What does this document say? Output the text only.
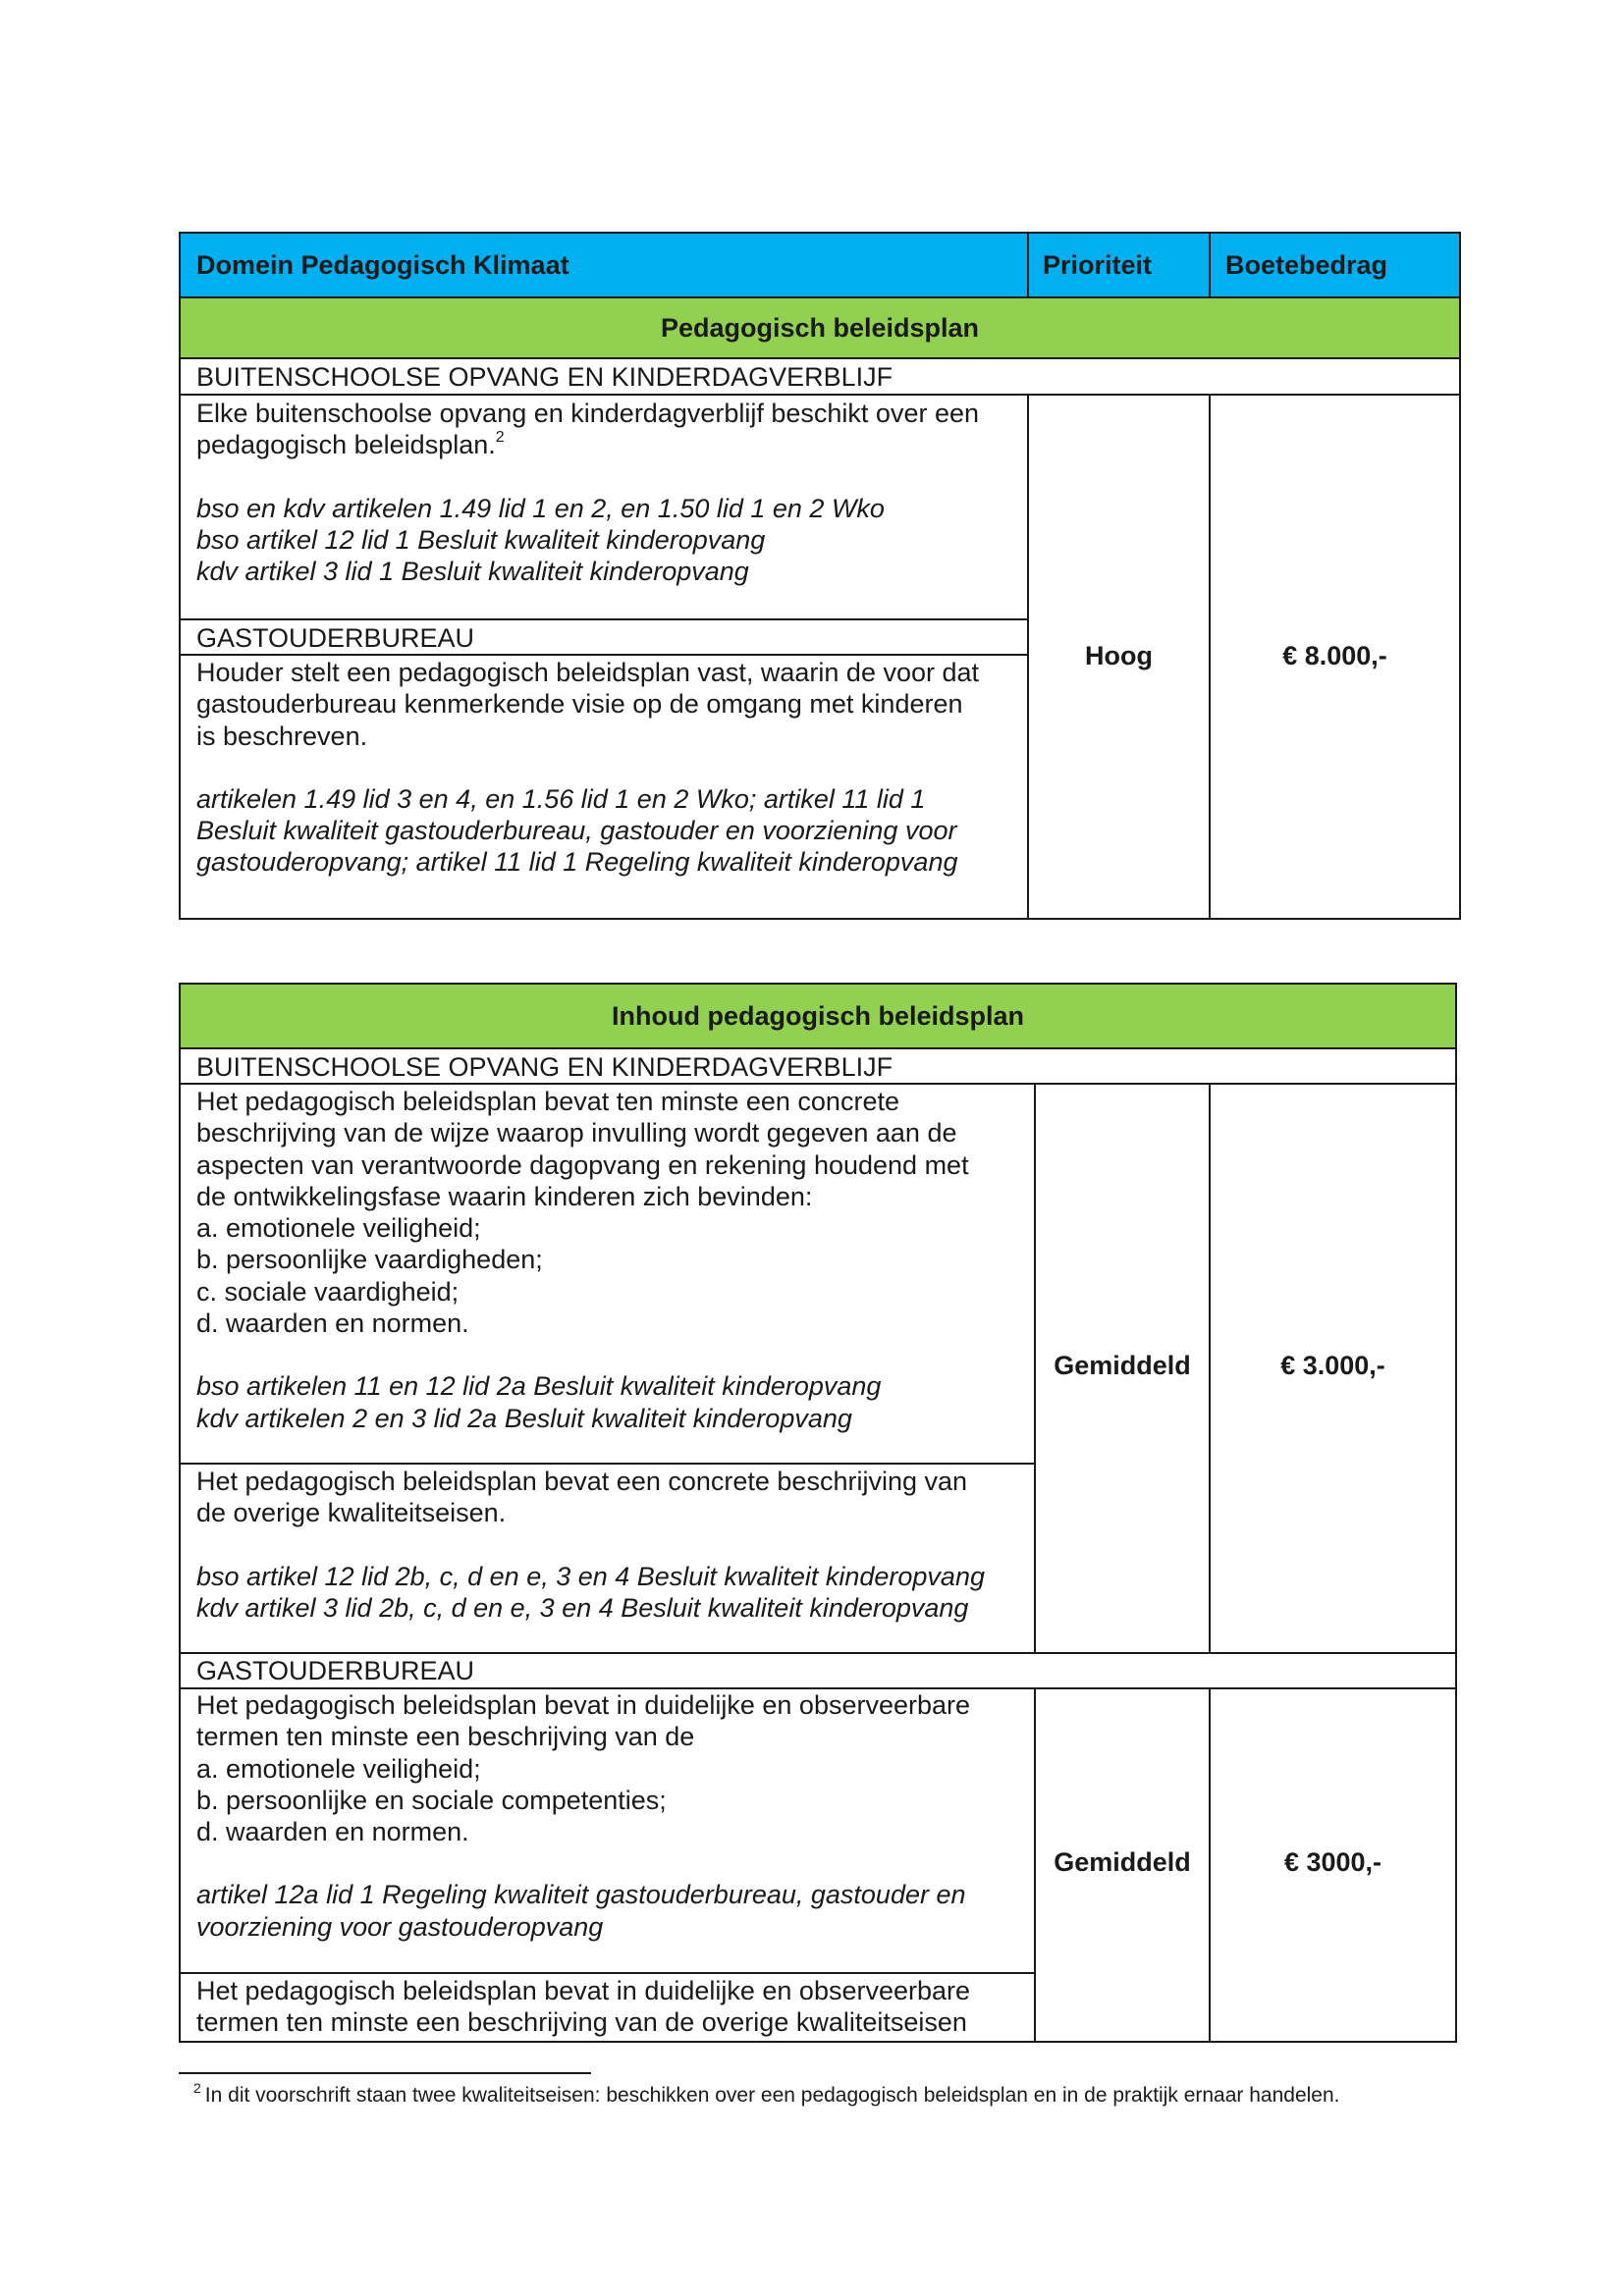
Domein Pedagogisch Klimaat	Prioriteit	Boetebedrag
Pedagogisch beleidsplan
BUITENSCHOOLSE OPVANG EN KINDERDAGVERBLIJF

Elke buitenschoolse opvang en kinderdagverblijf beschikt over een

pedagogisch beleidsplan.$^2$

bso en kdv artikelen 1.49 lid 1 en 2, en 1.50 lid 1 en 2 Wko

bso artikel 12 lid 1 Besluit kwaliteit kinderopvang

kdv artikel 3 lid 1 Besluit kwaliteit kinderopvang

GASTOUDERBUREAU

Houder stelt een pedagogisch beleidsplan vast, waarin de voor dat

gastouderbureau kenmerkende visie op de omgang met kinderen

is beschreven.

artikelen 1.49 lid 3 en 4, en 1.56 lid 1 en 2 Wko; artikel 11 lid 1

Besluit kwaliteit gastouderbureau, gastouder en voorziening voor

gastouderopvang; artikel 11 lid 1 Regeling kwaliteit kinderopvang

Hoog	€ 8.000,-
Inhoud pedagogisch beleidsplan
BUITENSCHOOLSE OPVANG EN KINDERDAGVERBLIJF

Het pedagogisch beleidsplan bevat ten minste een concrete

beschrijving van de wijze waarop invulling wordt gegeven aan de

aspecten van verantwoorde dagopvang en rekening houdend met

de ontwikkelingsfase waarin kinderen zich bevinden:

a. emotionele veiligheid;

b. persoonlijke vaardigheden;

c. sociale vaardigheid;

d. waarden en normen.

bso artikelen 11 en 12 lid 2a Besluit kwaliteit kinderopvang

kdv artikelen 2 en 3 lid 2a Besluit kwaliteit kinderopvang

Het pedagogisch beleidsplan bevat een concrete beschrijving van

de overige kwaliteitseisen.

bso artikel 12 lid 2b, c, d en e, 3 en 4 Besluit kwaliteit kinderopvang

kdv artikel 3 lid 2b, c, d en e, 3 en 4 Besluit kwaliteit kinderopvang

Gemiddeld	€ 3.000,-
GASTOUDERBUREAU

Het pedagogisch beleidsplan bevat in duidelijke en observeerbare

termen ten minste een beschrijving van de

a. emotionele veiligheid;

b. persoonlijke en sociale competenties;

d. waarden en normen.

artikel 12a lid 1 Regeling kwaliteit gastouderbureau, gastouder en

voorziening voor gastouderopvang

Het pedagogisch beleidsplan bevat in duidelijke en observeerbare

termen ten minste een beschrijving van de overige kwaliteitseisen

Gemiddeld	€ 3000,-
$^2$ In dit voorschrift staan twee kwaliteitseisen: beschikken over een pedagogisch beleidsplan en in de praktijk ernaar handelen.
